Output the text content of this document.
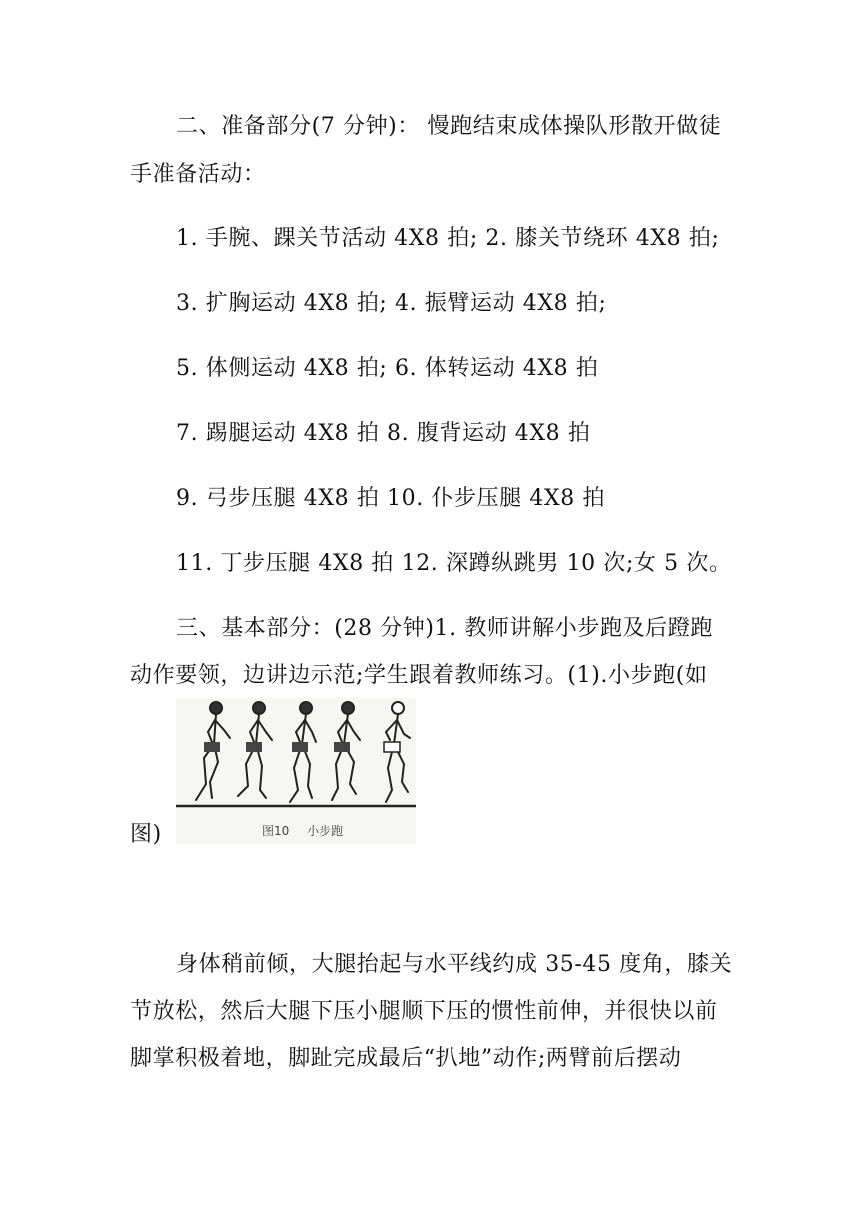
二、准备部分(7 分钟)： 慢跑结束成体操队形散开做徒

手准备活动：

1. 手腕、踝关节活动 4X8 拍; 2. 膝关节绕环 4X8 拍;

3. 扩胸运动 4X8 拍; 4. 振臂运动 4X8 拍;

5. 体侧运动 4X8 拍; 6. 体转运动 4X8 拍

7. 踢腿运动 4X8 拍 8. 腹背运动 4X8 拍

9. 弓步压腿 4X8 拍 10. 仆步压腿 4X8 拍

11. 丁步压腿 4X8 拍 12. 深蹲纵跳男 10 次;女 5 次。

三、基本部分：(28 分钟)1. 教师讲解小步跑及后蹬跑

动作要领，边讲边示范;学生跟着教师练习。(1).小步跑(如

图10 小步跑

图)

身体稍前倾，大腿抬起与水平线约成 35-45 度角，膝关

节放松，然后大腿下压小腿顺下压的惯性前伸，并很快以前

脚掌积极着地，脚趾完成最后“扒地”动作;两臂前后摆动
